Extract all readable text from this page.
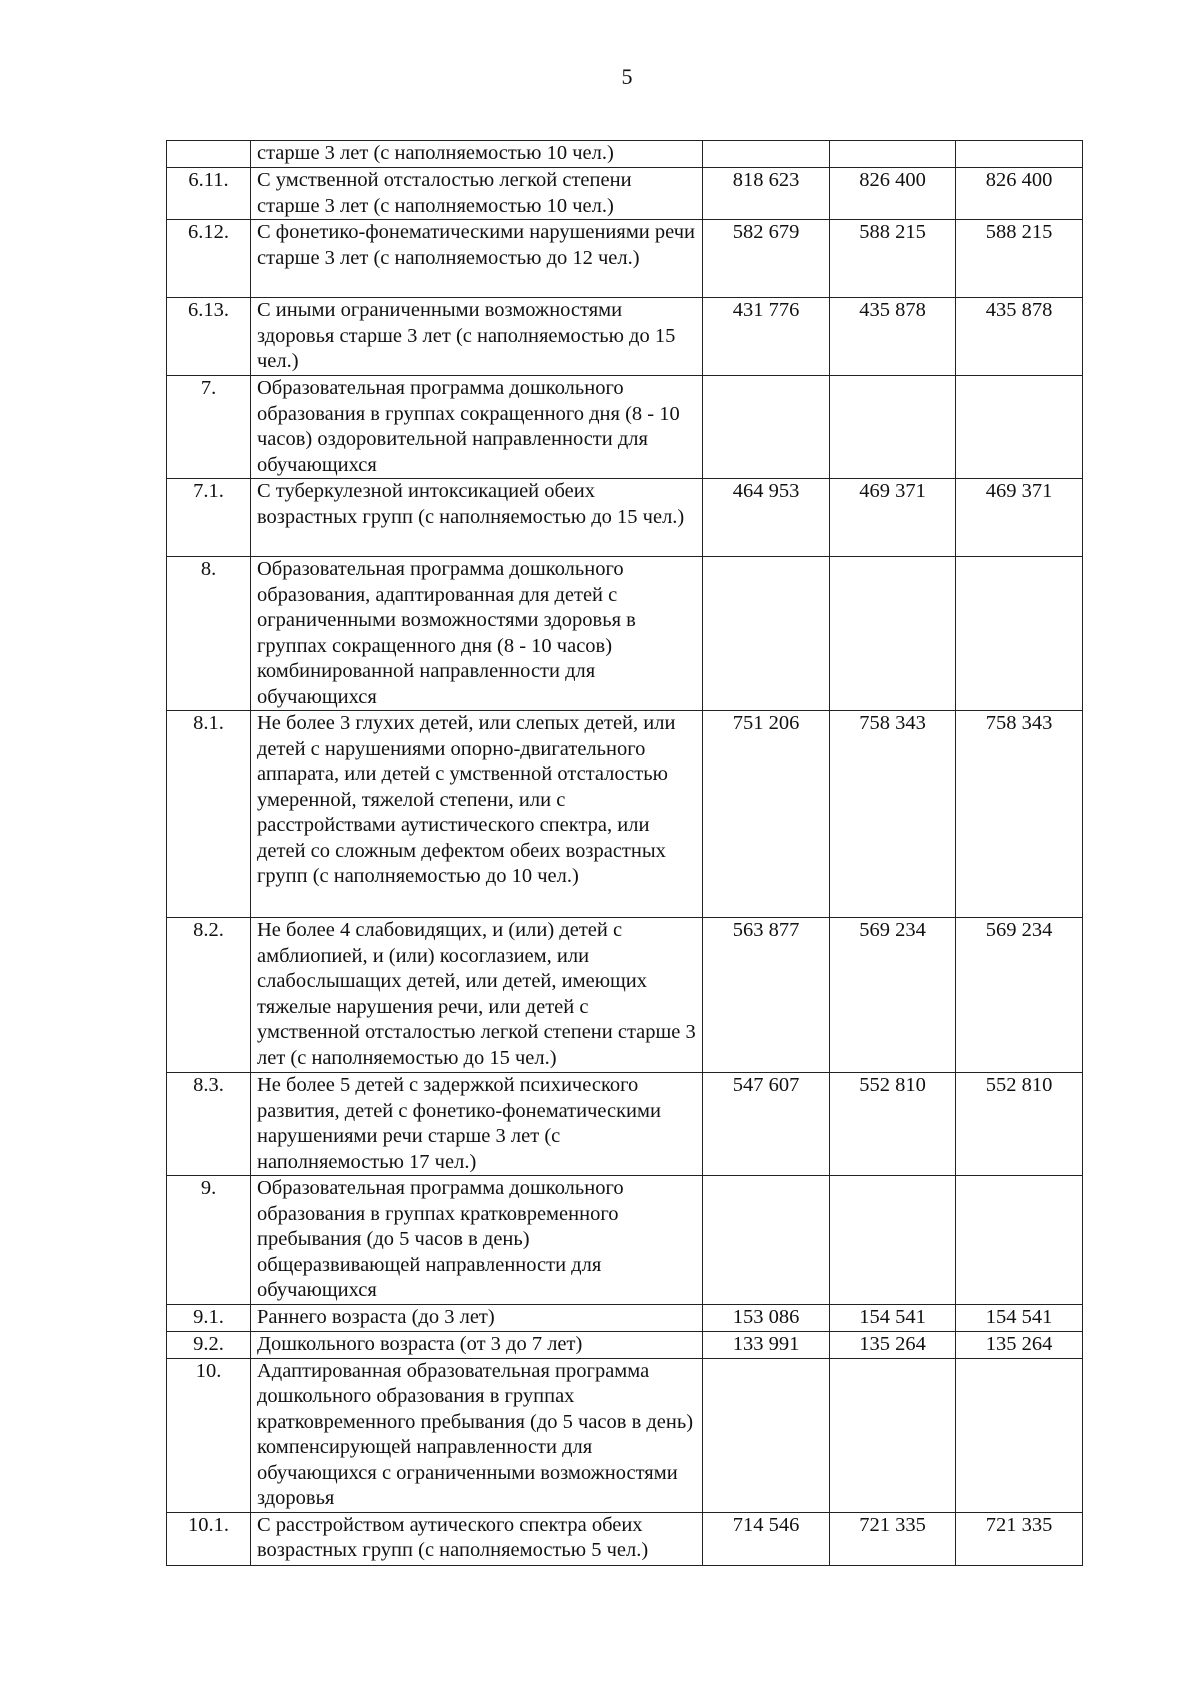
5
	старше 3 лет (с наполняемостью 10 чел.)			
6.11.	С умственной отсталостью легкой степени старше 3 лет (с наполняемостью 10 чел.)	818 623	826 400	826 400
6.12.	С фонетико-фонематическими нарушениями речи старше 3 лет (с наполняемостью до 12 чел.)	582 679	588 215	588 215
6.13.	С иными ограниченными возможностями здоровья старше 3 лет (с наполняемостью до 15 чел.)	431 776	435 878	435 878
7.	Образовательная программа дошкольного образования в группах сокращенного дня (8 - 10 часов) оздоровительной направленности для обучающихся			
7.1.	С туберкулезной интоксикацией обеих возрастных групп (с наполняемостью до 15 чел.)	464 953	469 371	469 371
8.	Образовательная программа дошкольного образования, адаптированная для детей с ограниченными возможностями здоровья в группах сокращенного дня (8 - 10 часов) комбинированной направленности для обучающихся			
8.1.	Не более 3 глухих детей, или слепых детей, или детей с нарушениями опорно-двигательного аппарата, или детей с умственной отсталостью умеренной, тяжелой степени, или с расстройствами аутистического спектра, или детей со сложным дефектом обеих возрастных групп (с наполняемостью до 10 чел.)	751 206	758 343	758 343
8.2.	Не более 4 слабовидящих, и (или) детей с амблиопией, и (или) косоглазием, или слабослышащих детей, или детей, имеющих тяжелые нарушения речи, или детей с умственной отсталостью легкой степени старше 3 лет (с наполняемостью до 15 чел.)	563 877	569 234	569 234
8.3.	Не более 5 детей с задержкой психического развития, детей с фонетико-фонематическими нарушениями речи старше 3 лет (с наполняемостью 17 чел.)	547 607	552 810	552 810
9.	Образовательная программа дошкольного образования в группах кратковременного пребывания (до 5 часов в день) общеразвивающей направленности для обучающихся			
9.1.	Раннего возраста (до 3 лет)	153 086	154 541	154 541
9.2.	Дошкольного возраста (от 3 до 7 лет)	133 991	135 264	135 264
10.	Адаптированная образовательная программа дошкольного образования в группах кратковременного пребывания (до 5 часов в день) компенсирующей направленности для обучающихся с ограниченными возможностями здоровья			
10.1.	С расстройством аутического спектра обеих возрастных групп (с наполняемостью 5 чел.)	714 546	721 335	721 335
